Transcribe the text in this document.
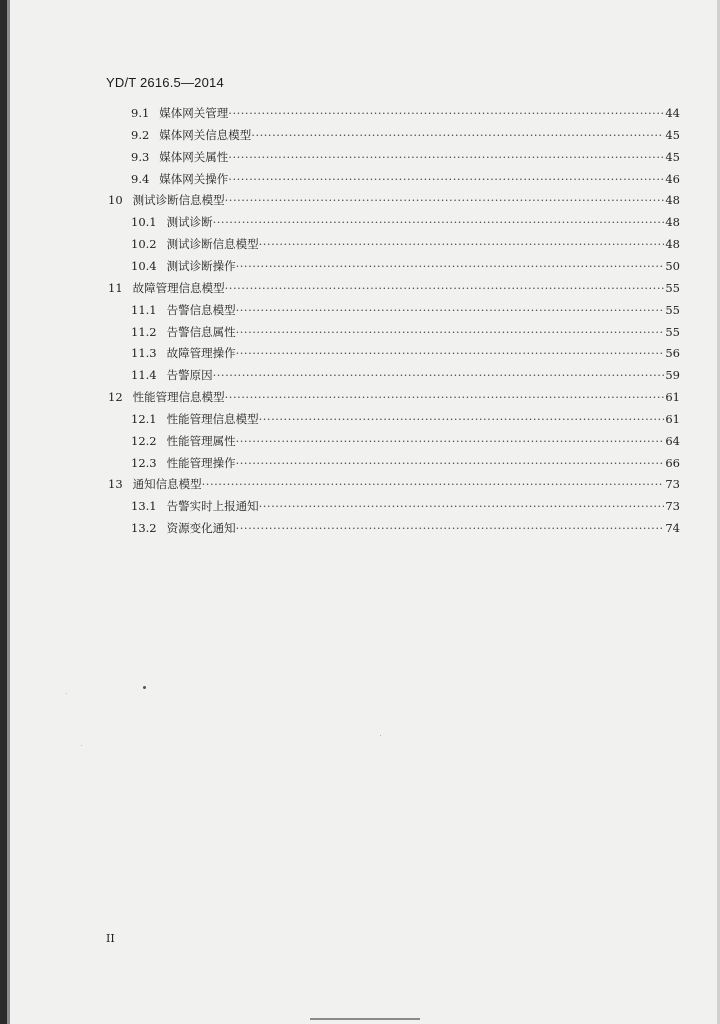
YD/T 2616.5—2014
9.1 媒体网关管理 ·····	44
9.2 媒体网关信息模型 ·····	45
9.3 媒体网关属性 ·····	45
9.4 媒体网关操作 ·····	46
10 测试诊断信息模型 ·····	48
10.1 测试诊断 ·····	48
10.2 测试诊断信息模型 ·····	48
10.4 测试诊断操作 ·····	50
11 故障管理信息模型 ·····	55
11.1 告警信息模型 ·····	55
11.2 告警信息属性 ·····	55
11.3 故障管理操作 ·····	56
11.4 告警原因 ·····	59
12 性能管理信息模型 ·····	61
12.1 性能管理信息模型 ·····	61
12.2 性能管理属性 ·····	64
12.3 性能管理操作 ·····	66
13 通知信息模型 ·····	73
13.1 告警实时上报通知 ·····	73
13.2 资源变化通知 ·····	74
II
